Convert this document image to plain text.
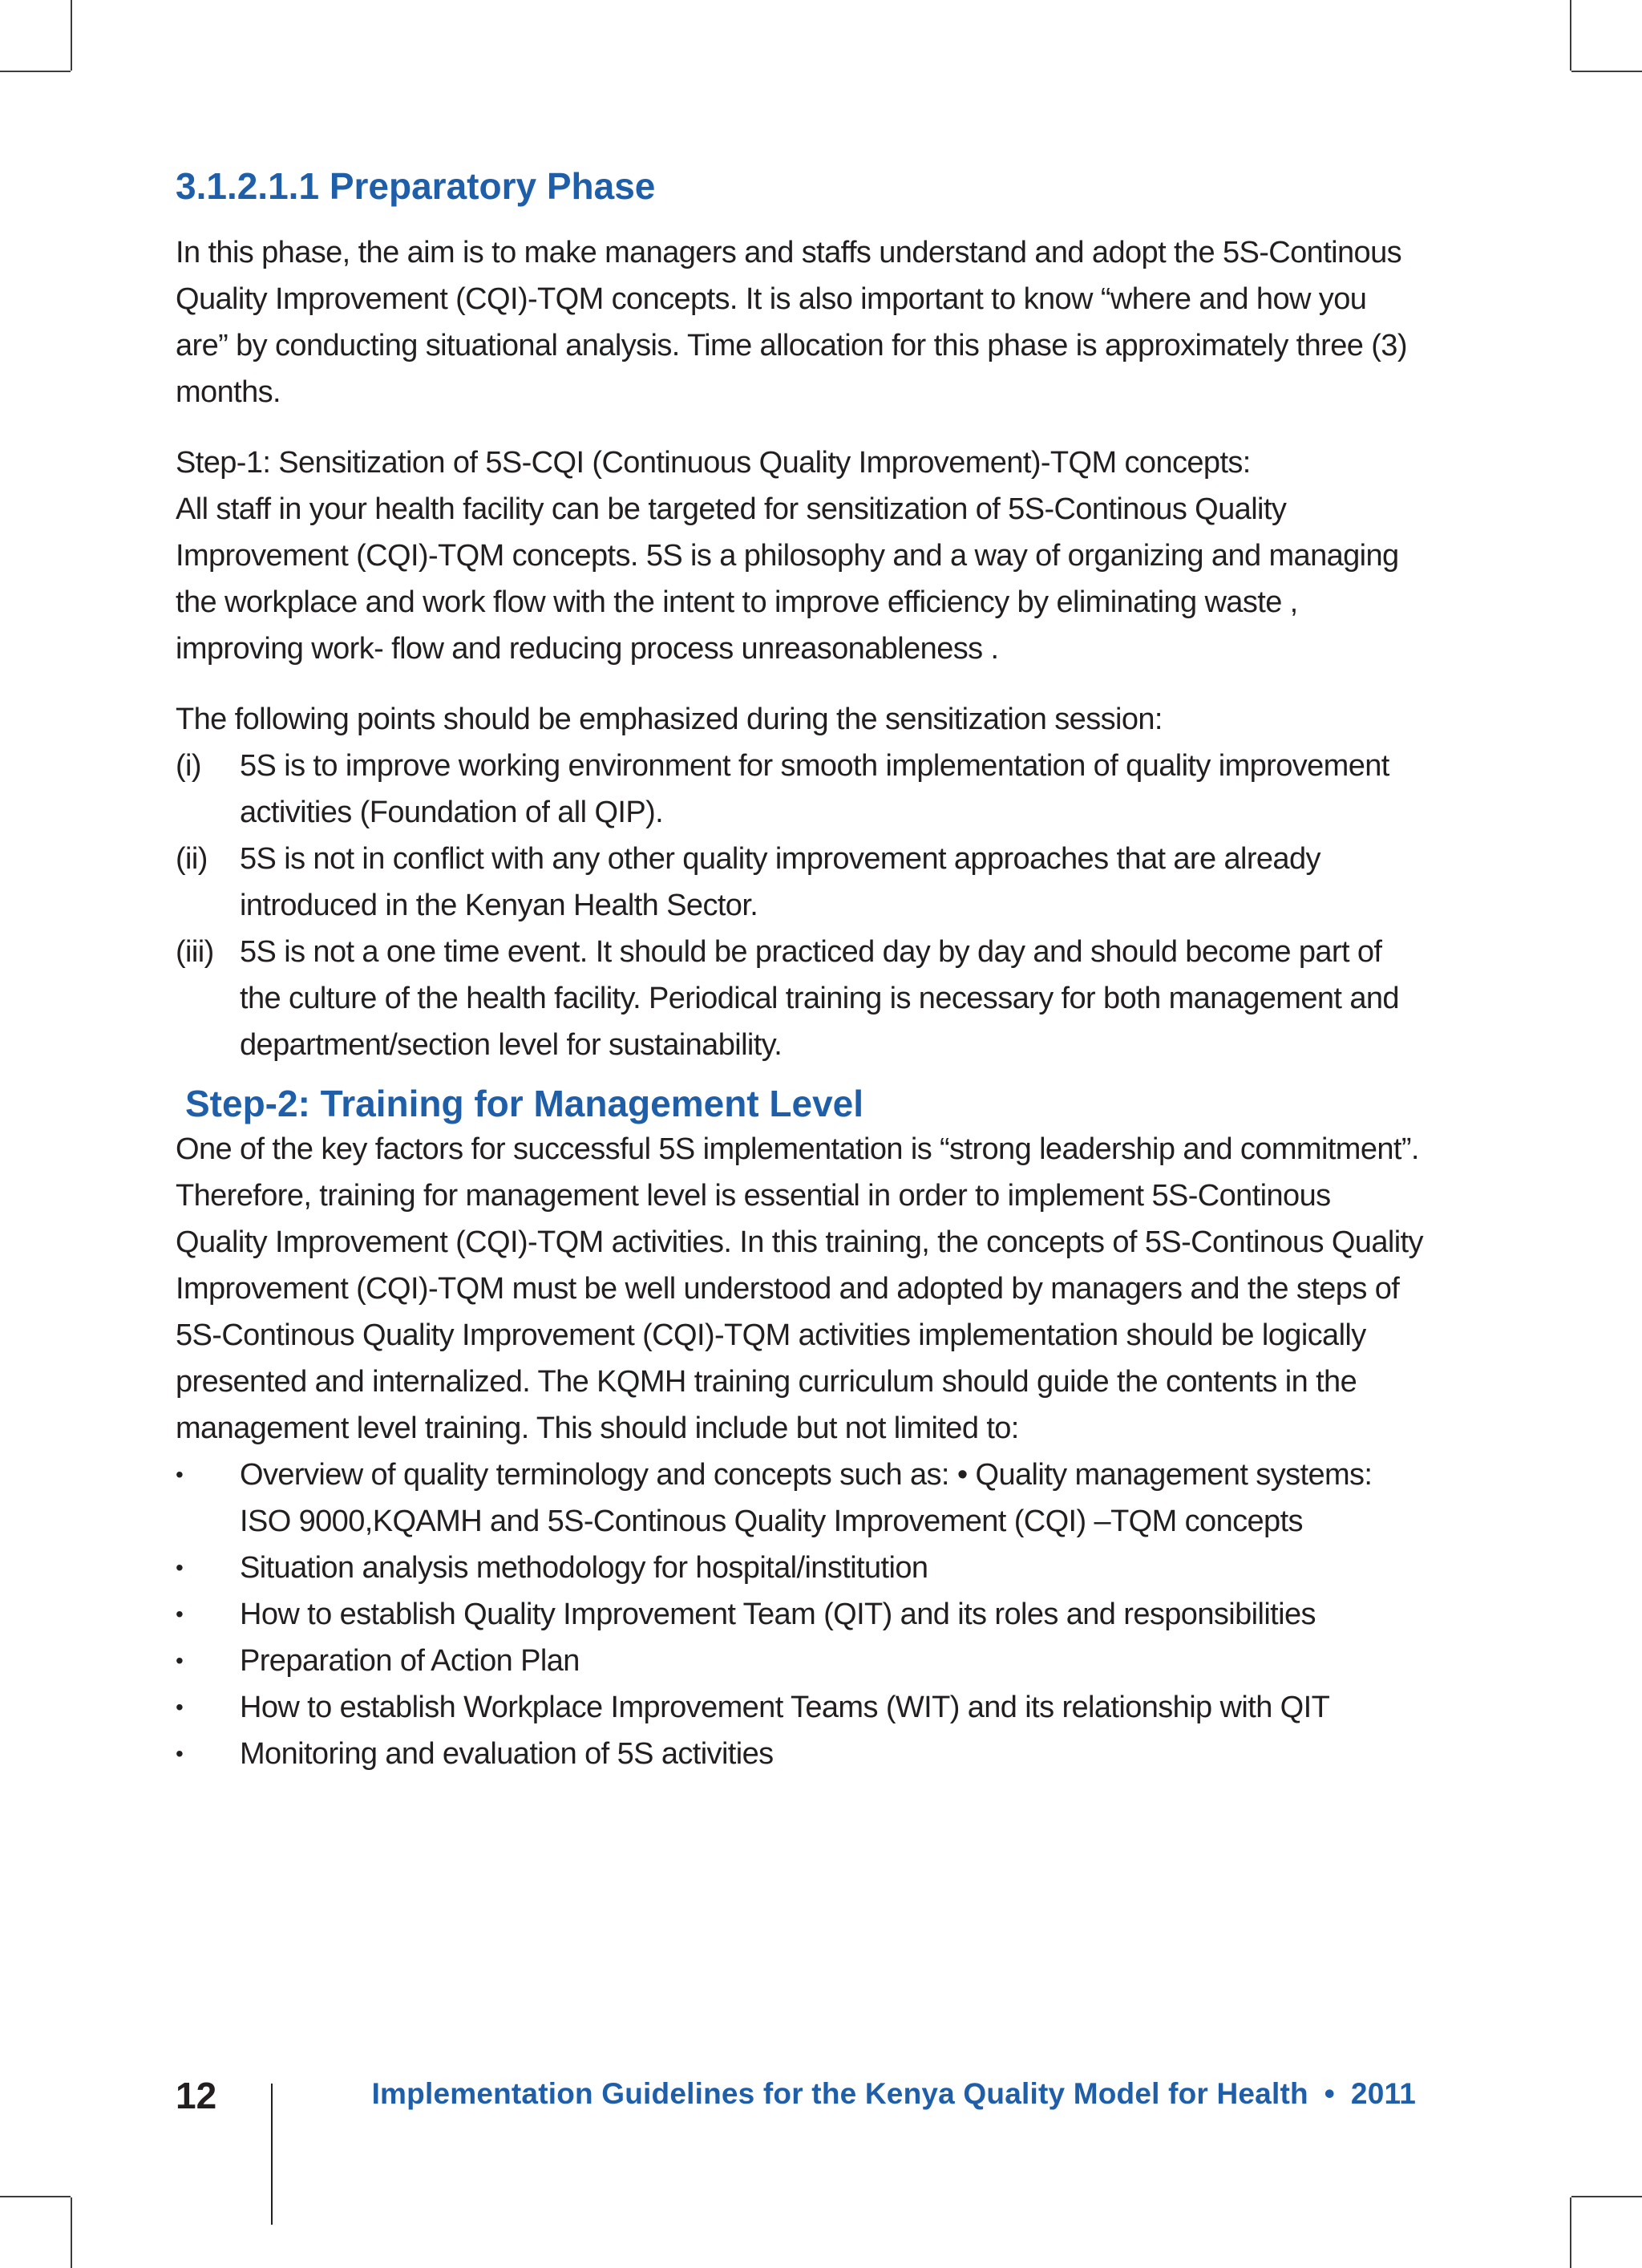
3.1.2.1.1 Preparatory Phase

In this phase, the aim is to make managers and staffs understand and adopt the 5S-Continous Quality Improvement (CQI)-TQM concepts. It is also important to know “where and how you are” by conducting situational analysis. Time allocation for this phase is approximately three (3) months.

Step-1: Sensitization of 5S-CQI (Continuous Quality Improvement)-TQM concepts:

All staff in your health facility can be targeted for sensitization of 5S-Continous Quality Improvement (CQI)-TQM concepts. 5S is a philosophy and a way of organizing and managing the workplace and work flow with the intent to improve efficiency by eliminating waste , improving work- flow and reducing process unreasonableness .

The following points should be emphasized during the sensitization session:

(i) 5S is to improve working environment for smooth implementation of quality improvement activities (Foundation of all QIP).
(ii) 5S is not in conflict with any other quality improvement approaches that are already introduced in the Kenyan Health Sector.
(iii) 5S is not a one time event. It should be practiced day by day and should become part of the culture of the health facility. Periodical training is necessary for both management and department/section level for sustainability.
Step-2: Training for Management Level

One of the key factors for successful 5S implementation is “strong leadership and commitment”. Therefore, training for management level is essential in order to implement 5S-Continous Quality Improvement (CQI)-TQM activities. In this training, the concepts of 5S-Continous Quality Improvement (CQI)-TQM must be well understood and adopted by managers and the steps of 5S-Continous Quality Improvement (CQI)-TQM activities implementation should be logically presented and internalized. The KQMH training curriculum should guide the contents in the management level training. This should include but not limited to:

• Overview of quality terminology and concepts such as: • Quality management systems: ISO 9000,KQAMH and 5S-Continous Quality Improvement (CQI) –TQM concepts
• Situation analysis methodology for hospital/institution
• How to establish Quality Improvement Team (QIT) and its roles and responsibilities
• Preparation of Action Plan
• How to establish Workplace Improvement Teams (WIT) and its relationship with QIT
• Monitoring and evaluation of 5S activities
12	Implementation Guidelines for the Kenya Quality Model for Health • 2011
